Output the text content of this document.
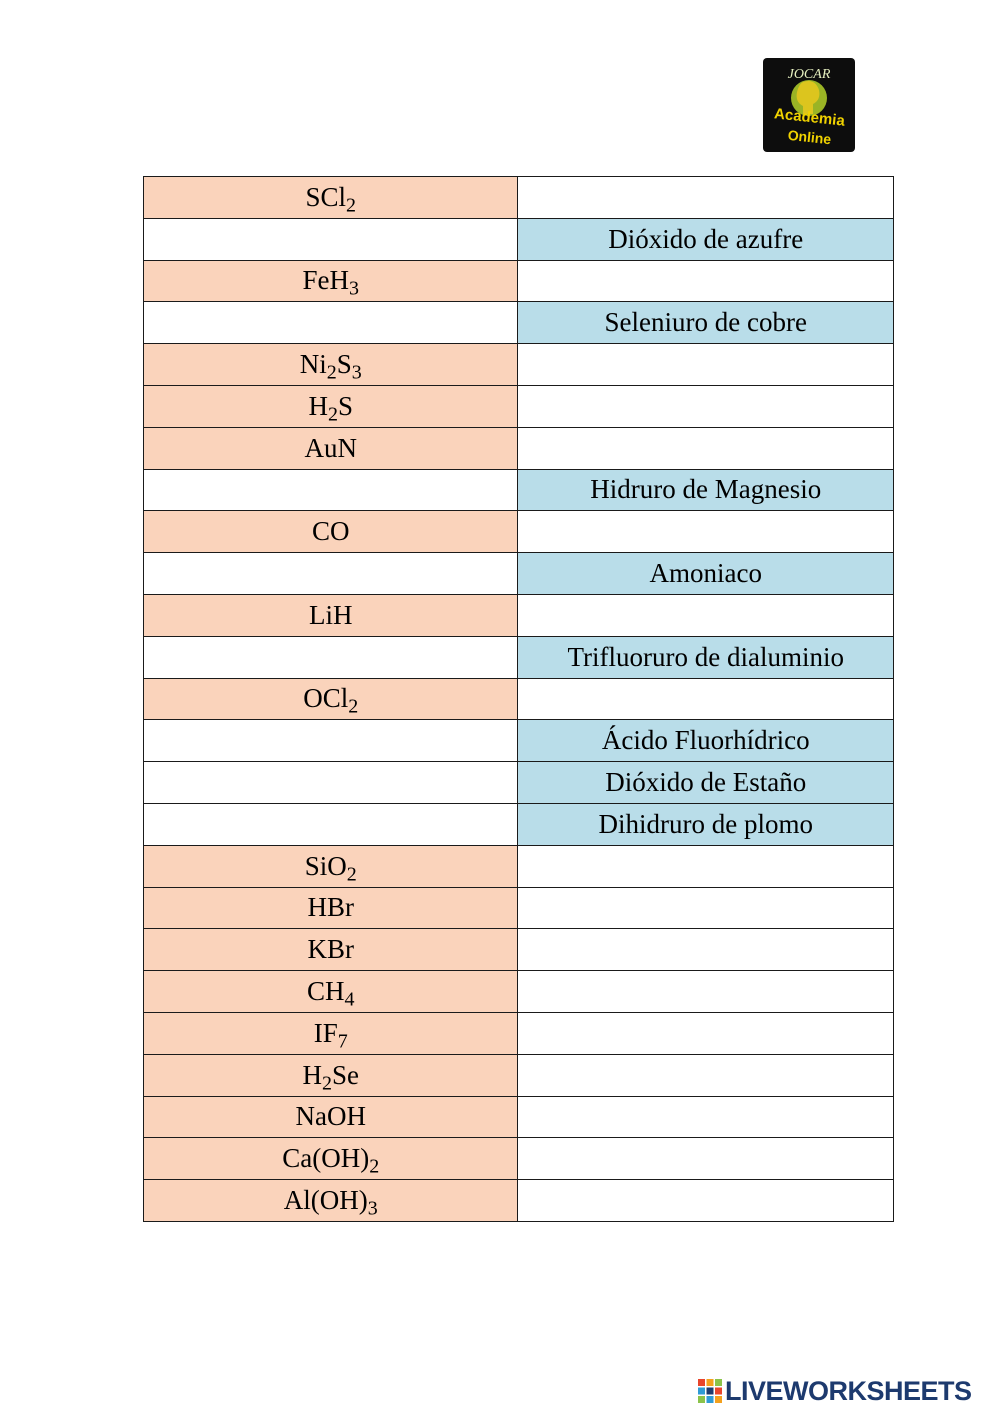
JOCAR
Academia
Online
SCl$_2$	
	Dióxido de azufre
FeH$_3$	
	Seleniuro de cobre
$Ni_2S_3$	
$H_2S$	
AuN	
	Hidruro de Magnesio
CO	
	Amoniaco
LiH	
	Trifluoruro de dialuminio
OCl$_2$	
	Ácido Fluorhídrico
	Dióxido de Estaño
	Dihidruro de plomo
SiO$_2$	
HBr	
KBr	
$CH_4$	
$IF_7$	
$H_2Se$	
NaOH	
$Ca(OH)_2$	
$Al(OH)_3$	
LIVEWORKSHEETS
